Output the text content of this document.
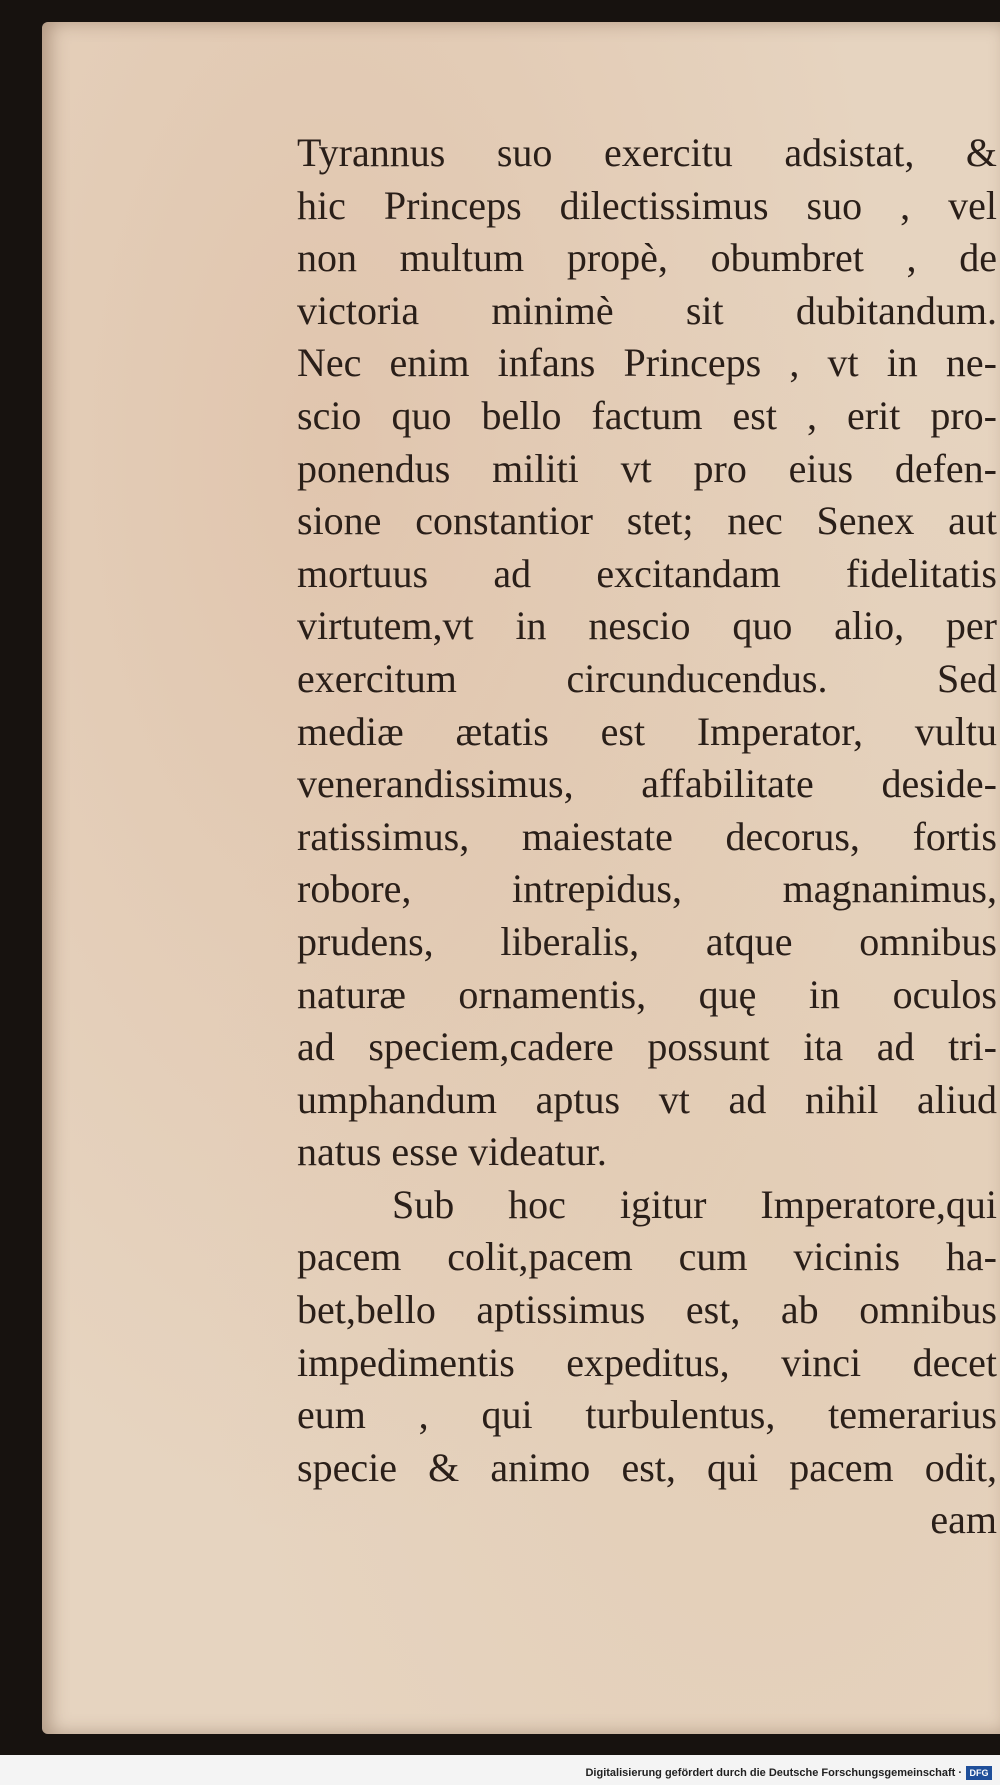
Tyrannus suo exercitu adsistat, &
hic Princeps dilectissimus suo , vel
non multum propè, obumbret , de
victoria minimè sit dubitandum.
Nec enim infans Princeps , vt in ne-
scio quo bello factum est , erit pro-
ponendus militi vt pro eius defen-
sione constantior stet; nec Senex aut
mortuus ad excitandam fidelitatis
virtutem,vt in nescio quo alio, per
exercitum circunducendus. Sed
mediæ ætatis est Imperator, vultu
venerandissimus, affabilitate deside-
ratissimus, maiestate decorus, fortis
robore, intrepidus, magnanimus,
prudens, liberalis, atque omnibus
naturæ ornamentis, quę in oculos
ad speciem,cadere possunt ita ad tri-
umphandum aptus vt ad nihil aliud
natus esse videatur.
Sub hoc igitur Imperatore,qui
pacem colit,pacem cum vicinis ha-
bet,bello aptissimus est, ab omnibus
impedimentis expeditus, vinci decet
eum , qui turbulentus, temerarius
specie & animo est, qui pacem odit,
eam
Digitalisierung gefördert durch die Deutsche Forschungsgemeinschaft · DFG
